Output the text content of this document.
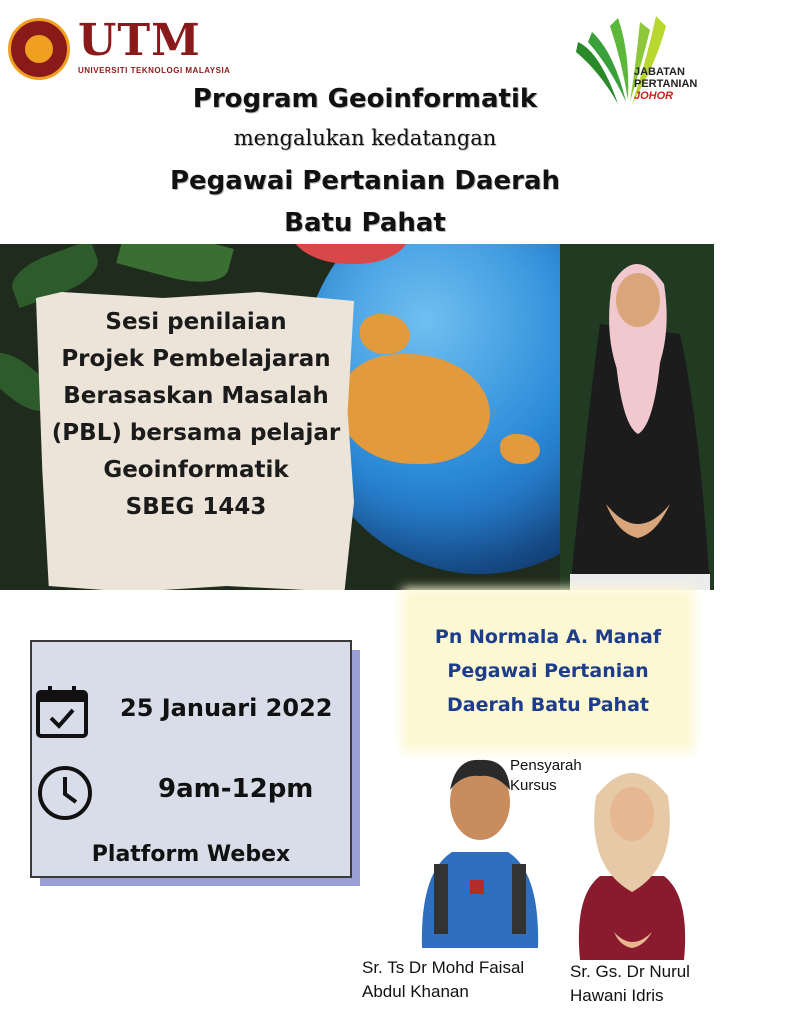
UTM
UNIVERSITI TEKNOLOGI MALAYSIA	JABATAN
PERTANIAN
JOHOR
Program Geoinformatik
mengalukan kedatangan
Pegawai Pertanian Daerah
Batu Pahat
Sesi penilaian
Projek Pembelajaran
Berasaskan Masalah
(PBL) bersama pelajar
Geoinformatik
SBEG 1443
25 Januari 2022
9am-12pm
Platform Webex
Pn Normala A. Manaf
Pegawai Pertanian
Daerah Batu Pahat
Pensyarah
Kursus
Sr. Ts Dr Mohd Faisal
Abdul Khanan
Sr. Gs. Dr Nurul
Hawani Idris
